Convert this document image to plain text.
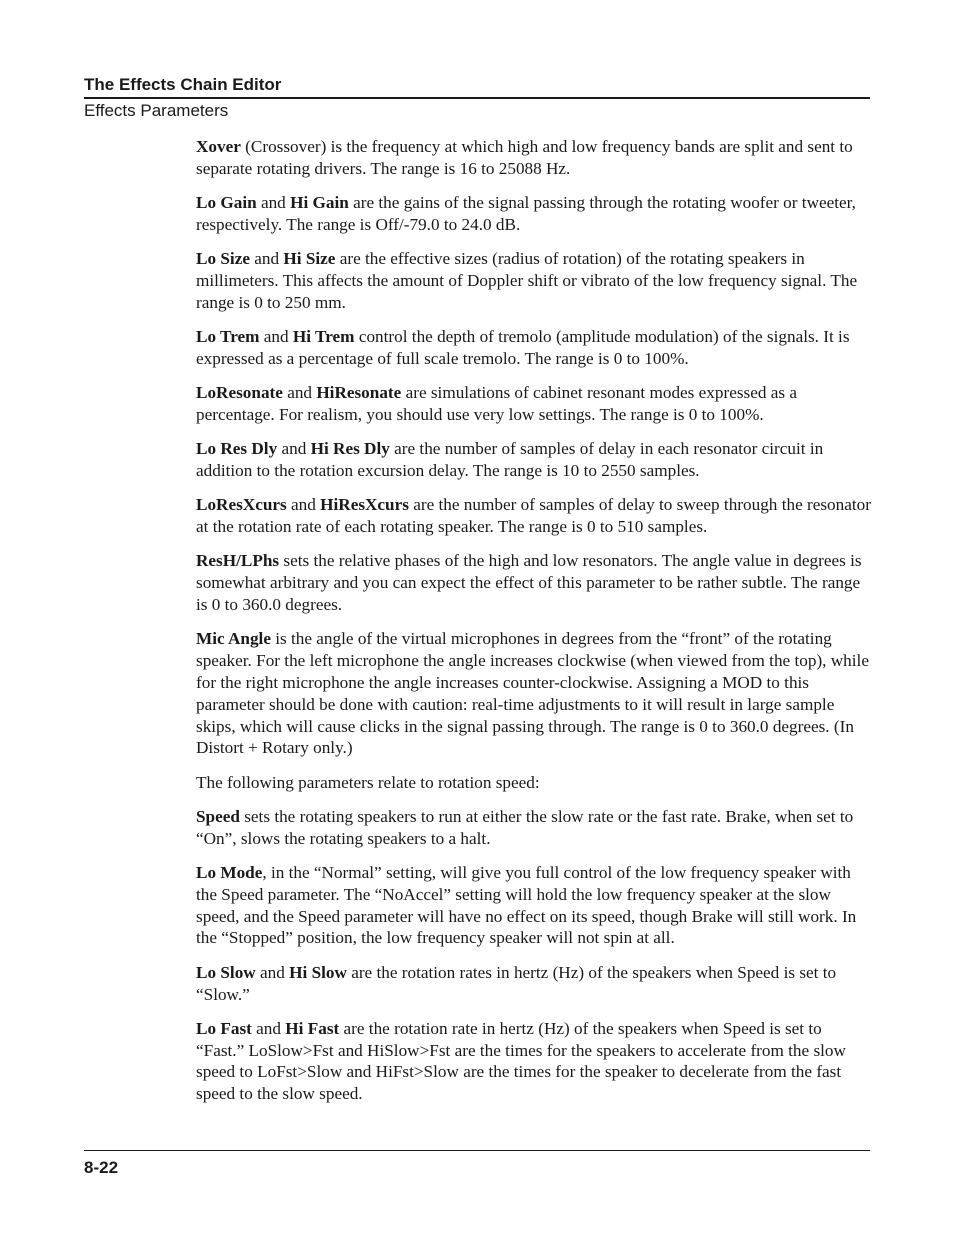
The Effects Chain Editor
Effects Parameters

Xover (Crossover) is the frequency at which high and low frequency bands are split and sent to separate rotating drivers. The range is 16 to 25088 Hz.

Lo Gain and Hi Gain are the gains of the signal passing through the rotating woofer or tweeter, respectively. The range is Off/-79.0 to 24.0 dB.

Lo Size and Hi Size are the effective sizes (radius of rotation) of the rotating speakers in millimeters. This affects the amount of Doppler shift or vibrato of the low frequency signal. The range is 0 to 250 mm.

Lo Trem and Hi Trem control the depth of tremolo (amplitude modulation) of the signals. It is expressed as a percentage of full scale tremolo. The range is 0 to 100%.

LoResonate and HiResonate are simulations of cabinet resonant modes expressed as a percentage. For realism, you should use very low settings. The range is 0 to 100%.

Lo Res Dly and Hi Res Dly are the number of samples of delay in each resonator circuit in addition to the rotation excursion delay. The range is 10 to 2550 samples.

LoResXcurs and HiResXcurs are the number of samples of delay to sweep through the resonator at the rotation rate of each rotating speaker. The range is 0 to 510 samples.

ResH/LPhs sets the relative phases of the high and low resonators. The angle value in degrees is somewhat arbitrary and you can expect the effect of this parameter to be rather subtle. The range is 0 to 360.0 degrees.

Mic Angle is the angle of the virtual microphones in degrees from the “front” of the rotating speaker. For the left microphone the angle increases clockwise (when viewed from the top), while for the right microphone the angle increases counter-clockwise. Assigning a MOD to this parameter should be done with caution: real-time adjustments to it will result in large sample skips, which will cause clicks in the signal passing through. The range is 0 to 360.0 degrees. (In Distort + Rotary only.)

The following parameters relate to rotation speed:

Speed sets the rotating speakers to run at either the slow rate or the fast rate. Brake, when set to “On”, slows the rotating speakers to a halt.

Lo Mode, in the “Normal” setting, will give you full control of the low frequency speaker with the Speed parameter. The “NoAccel” setting will hold the low frequency speaker at the slow speed, and the Speed parameter will have no effect on its speed, though Brake will still work. In the “Stopped” position, the low frequency speaker will not spin at all.

Lo Slow and Hi Slow are the rotation rates in hertz (Hz) of the speakers when Speed is set to “Slow.”

Lo Fast and Hi Fast are the rotation rate in hertz (Hz) of the speakers when Speed is set to “Fast.” LoSlow>Fst and HiSlow>Fst are the times for the speakers to accelerate from the slow speed to LoFst>Slow and HiFst>Slow are the times for the speaker to decelerate from the fast speed to the slow speed.

8-22
